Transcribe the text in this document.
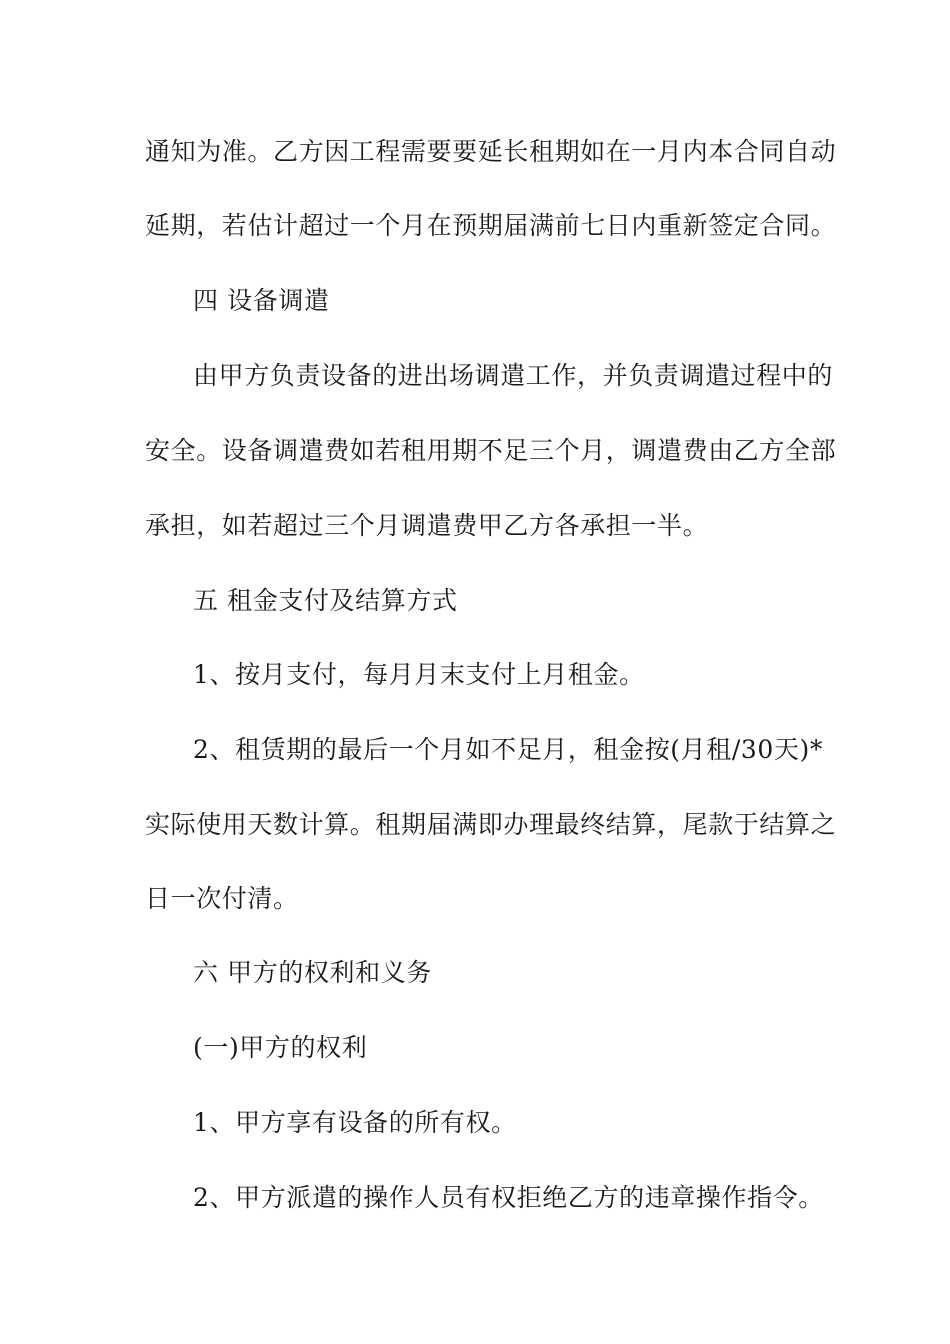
通知为准。乙方因工程需要要延长租期如在一月内本合同自动
延期，若估计超过一个月在预期届满前七日内重新签定合同。
四 设备调遣
由甲方负责设备的进出场调遣工作，并负责调遣过程中的
安全。设备调遣费如若租用期不足三个月，调遣费由乙方全部
承担，如若超过三个月调遣费甲乙方各承担一半。
五 租金支付及结算方式
1、按月支付，每月月末支付上月租金。
2、租赁期的最后一个月如不足月，租金按(月租/30天)*
实际使用天数计算。租期届满即办理最终结算，尾款于结算之
日一次付清。
六 甲方的权利和义务
(一)甲方的权利
1、甲方享有设备的所有权。
2、甲方派遣的操作人员有权拒绝乙方的违章操作指令。
